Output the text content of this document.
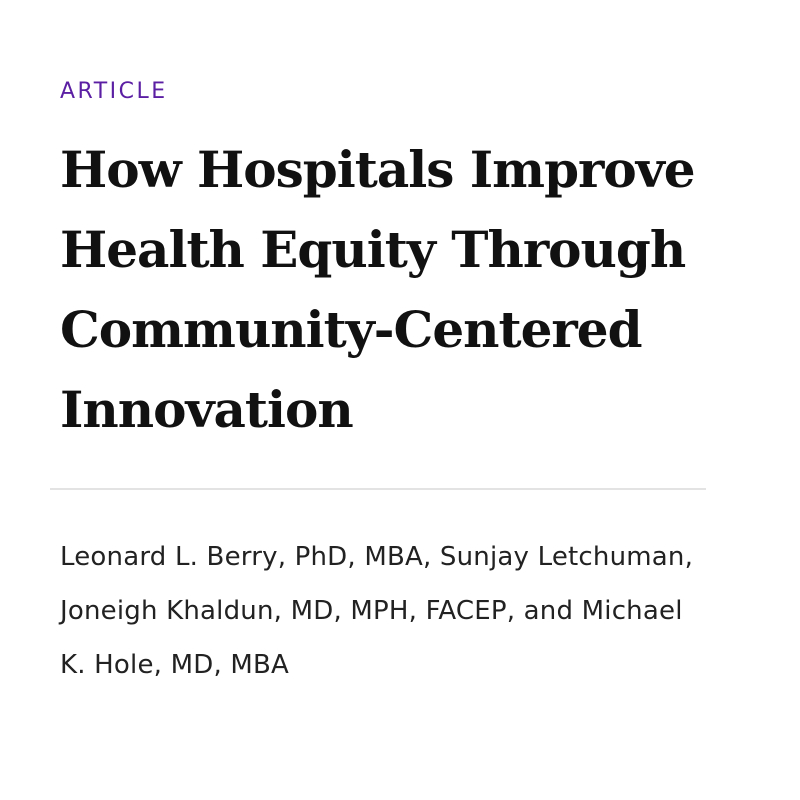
ARTICLE
How Hospitals Improve Health Equity Through Community-Centered Innovation

Leonard L. Berry, PhD, MBA, Sunjay Letchuman, Joneigh Khaldun, MD, MPH, FACEP, and Michael K. Hole, MD, MBA
